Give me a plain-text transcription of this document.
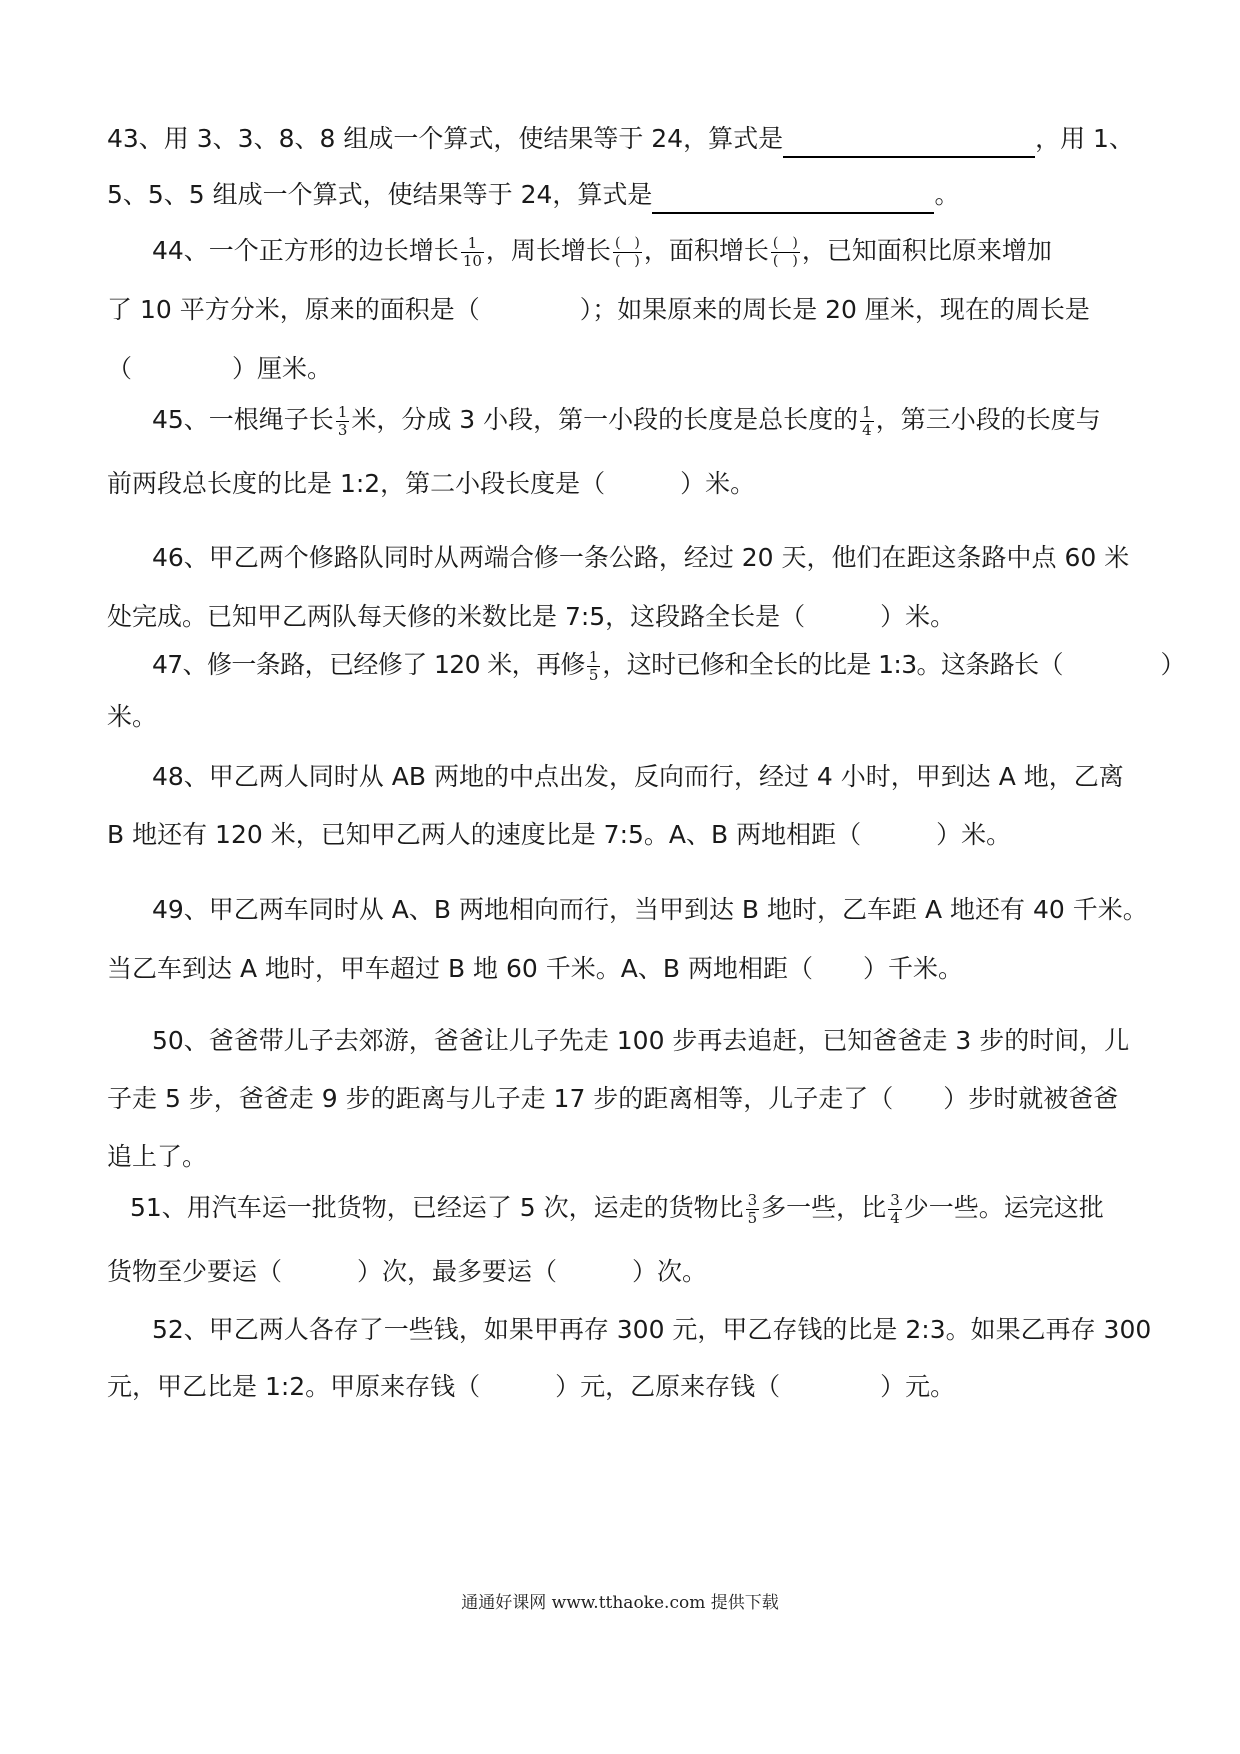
43、用 3、3、8、8 组成一个算式，使结果等于 24，算式是	，用 1、
5、5、5 组成一个算式，使结果等于 24，算式是	。
44、一个正方形的边长增长 $\frac{1}{10}$ ，周长增长 $\frac{( )}{( )}$ ，面积增长 $\frac{( )}{( )}$ ，已知面积比原来增加
了 10 平方分米，原来的面积是（　　　　）；如果原来的周长是 20 厘米，现在的周长是
（　　　　）厘米。
45、一根绳子长 $\frac{1}{3}$ 米，分成 3 小段，第一小段的长度是总长度的 $\frac{1}{4}$ ，第三小段的长度与
前两段总长度的比是 1:2，第二小段长度是（　　　）米。
46、甲乙两个修路队同时从两端合修一条公路，经过 20 天，他们在距这条路中点 60 米
处完成。已知甲乙两队每天修的米数比是 7:5，这段路全长是（　　　）米。
47、修一条路，已经修了 120 米，再修 $\frac{1}{5}$ ，这时已修和全长的比是 1:3。这条路长（　　　　）
米。
48、甲乙两人同时从 AB 两地的中点出发，反向而行，经过 4 小时，甲到达 A 地，乙离
B 地还有 120 米，已知甲乙两人的速度比是 7:5。A、B 两地相距（　　　）米。
49、甲乙两车同时从 A、B 两地相向而行，当甲到达 B 地时，乙车距 A 地还有 40 千米。
当乙车到达 A 地时，甲车超过 B 地 60 千米。A、B 两地相距（　　）千米。
50、爸爸带儿子去郊游，爸爸让儿子先走 100 步再去追赶，已知爸爸走 3 步的时间，儿
子走 5 步，爸爸走 9 步的距离与儿子走 17 步的距离相等，儿子走了（　　）步时就被爸爸
追上了。
51、用汽车运一批货物，已经运了 5 次，运走的货物比 $\frac{3}{5}$ 多一些，比 $\frac{3}{4}$ 少一些。运完这批
货物至少要运（　　　）次，最多要运（　　　）次。
52、甲乙两人各存了一些钱，如果甲再存 300 元，甲乙存钱的比是 2:3。如果乙再存 300
元，甲乙比是 1:2。甲原来存钱（　　　）元，乙原来存钱（　　　　）元。
通通好课网 www.tthaoke.com 提供下载
